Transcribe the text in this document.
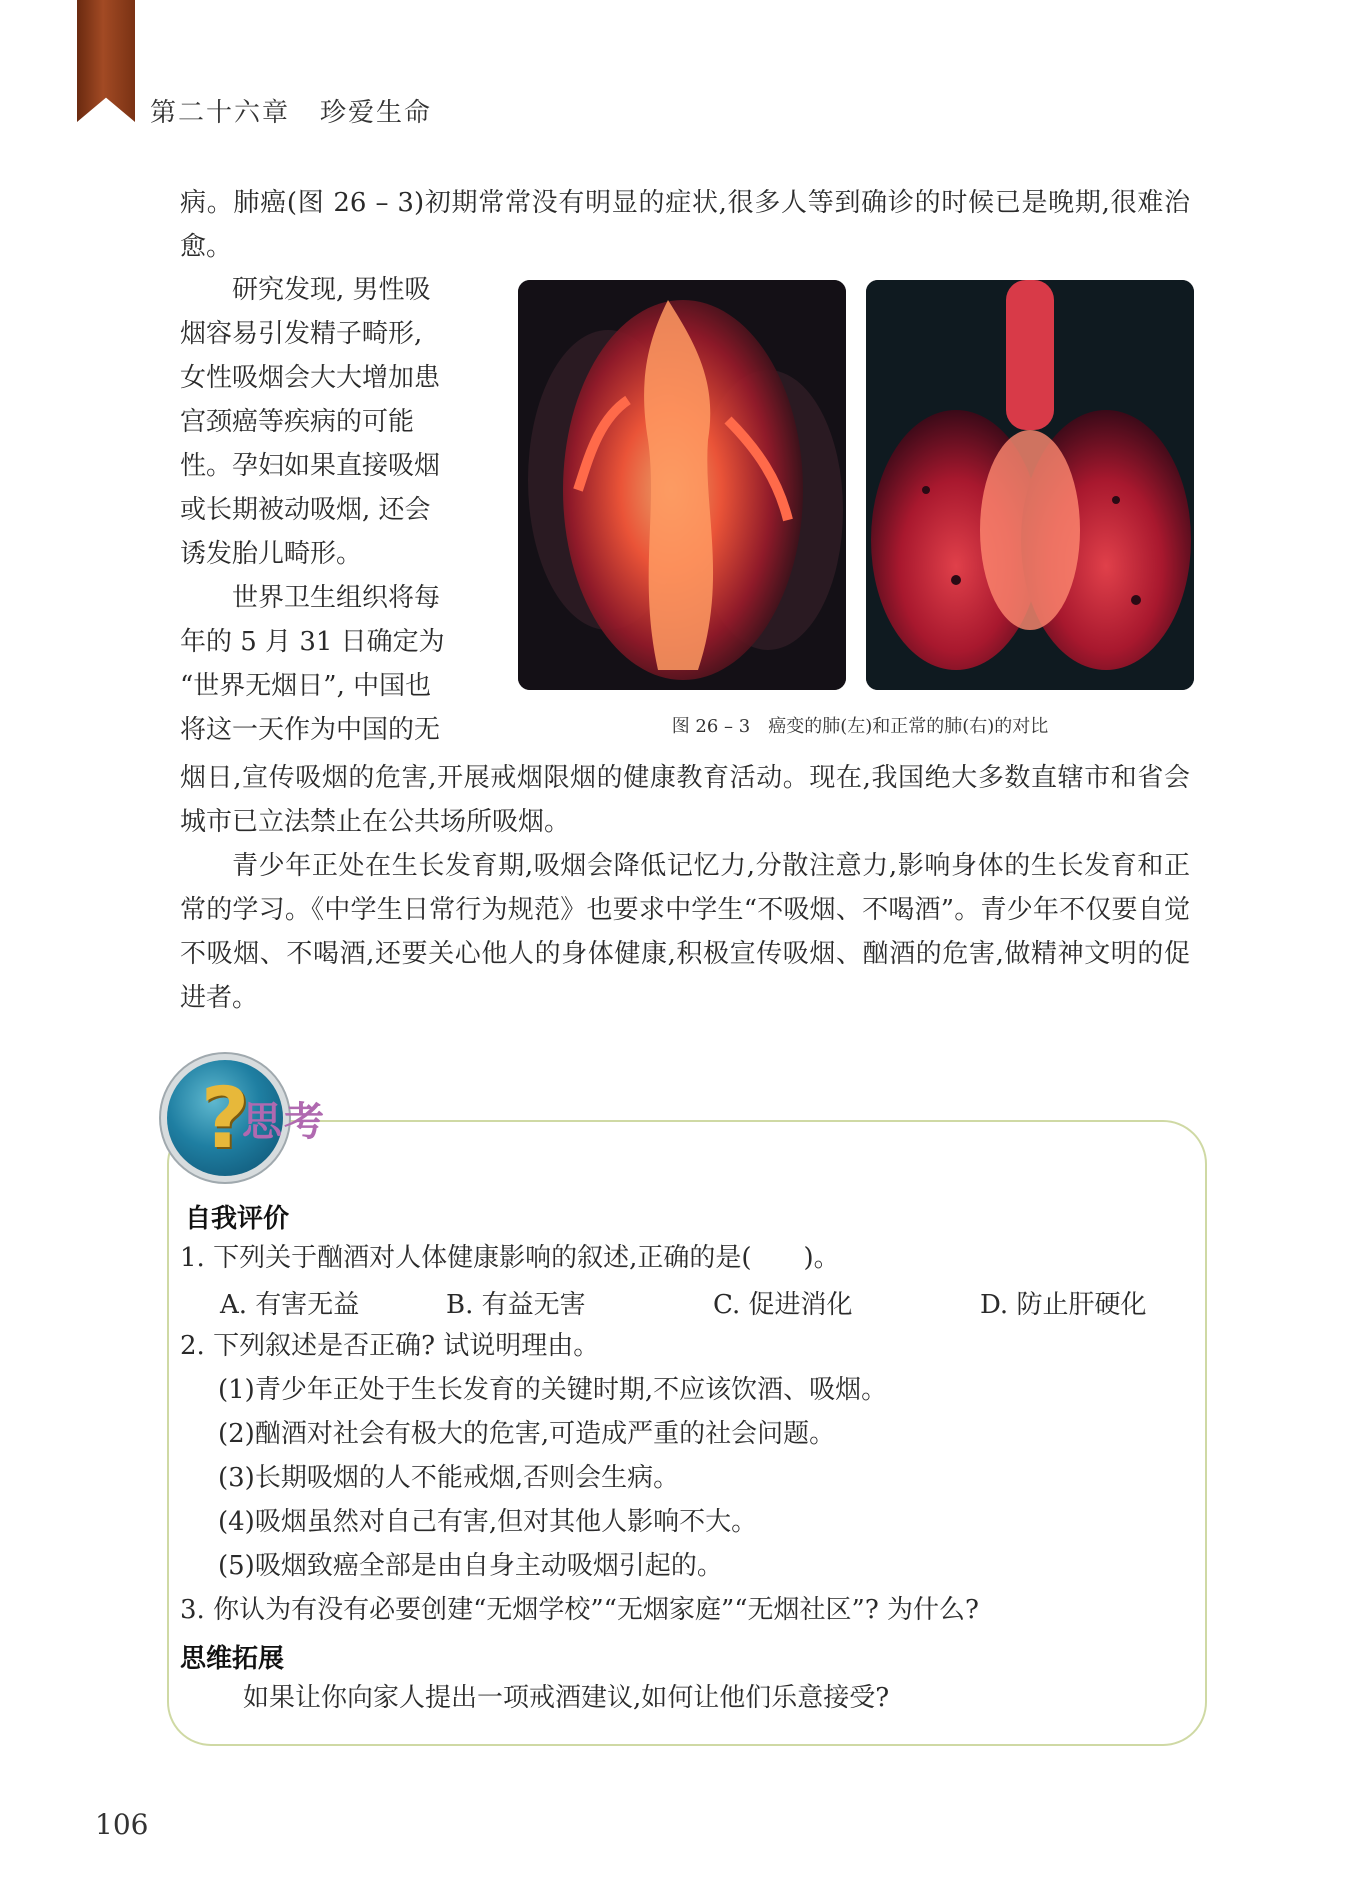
第二十六章 珍爱生命

病。肺癌(图 26 – 3)初期常常没有明显的症状,很多人等到确诊的时候已是晚期,很难治愈。

研究发现, 男性吸
烟容易引发精子畸形,
女性吸烟会大大增加患
宫颈癌等疾病的可能
性。孕妇如果直接吸烟
或长期被动吸烟, 还会
诱发胎儿畸形。
世界卫生组织将每
年的 5 月 31 日确定为
“世界无烟日”, 中国也
将这一天作为中国的无	图 26 – 3　癌变的肺(左)和正常的肺(右)的对比

烟日,宣传吸烟的危害,开展戒烟限烟的健康教育活动。现在,我国绝大多数直辖市和省会城市已立法禁止在公共场所吸烟。

青少年正处在生长发育期,吸烟会降低记忆力,分散注意力,影响身体的生长发育和正常的学习。《中学生日常行为规范》也要求中学生“不吸烟、不喝酒”。青少年不仅要自觉不吸烟、不喝酒,还要关心他人的身体健康,积极宣传吸烟、酗酒的危害,做精神文明的促进者。

?
思考
自我评价
1. 下列关于酗酒对人体健康影响的叙述,正确的是(　　)。
A. 有害无益	B. 有益无害	C. 促进消化	D. 防止肝硬化
2. 下列叙述是否正确? 试说明理由。
(1)青少年正处于生长发育的关键时期,不应该饮酒、吸烟。
(2)酗酒对社会有极大的危害,可造成严重的社会问题。
(3)长期吸烟的人不能戒烟,否则会生病。
(4)吸烟虽然对自己有害,但对其他人影响不大。
(5)吸烟致癌全部是由自身主动吸烟引起的。
3. 你认为有没有必要创建“无烟学校”“无烟家庭”“无烟社区”? 为什么?
思维拓展
如果让你向家人提出一项戒酒建议,如何让他们乐意接受?
106
